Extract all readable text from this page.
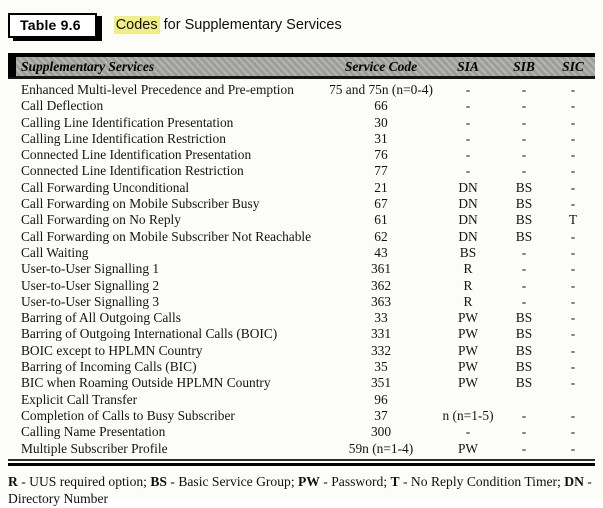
Table 9.6	Codes for Supplementary Services
Supplementary Services	Service Code	SIA	SIB	SIC
Enhanced Multi-level Precedence and Pre-emption	75 and 75n (n=0-4)	-	-	-
Call Deflection	66	-	-	-
Calling Line Identification Presentation	30	-	-	-
Calling Line Identification Restriction	31	-	-	-
Connected Line Identification Presentation	76	-	-	-
Connected Line Identification Restriction	77	-	-	-
Call Forwarding Unconditional	21	DN	BS	-
Call Forwarding on Mobile Subscriber Busy	67	DN	BS	-
Call Forwarding on No Reply	61	DN	BS	T
Call Forwarding on Mobile Subscriber Not Reachable	62	DN	BS	-
Call Waiting	43	BS	-	-
User-to-User Signalling 1	361	R	-	-
User-to-User Signalling 2	362	R	-	-
User-to-User Signalling 3	363	R	-	-
Barring of All Outgoing Calls	33	PW	BS	-
Barring of Outgoing International Calls (BOIC)	331	PW	BS	-
BOIC except to HPLMN Country	332	PW	BS	-
Barring of Incoming Calls (BIC)	35	PW	BS	-
BIC when Roaming Outside HPLMN Country	351	PW	BS	-
Explicit Call Transfer	96
Completion of Calls to Busy Subscriber	37	n (n=1-5)	-	-
Calling Name Presentation	300	-	-	-
Multiple Subscriber Profile	59n (n=1-4)	PW	-	-

R - UUS required option; BS - Basic Service Group; PW - Password; T - No Reply Condition Timer; DN - Directory Number
